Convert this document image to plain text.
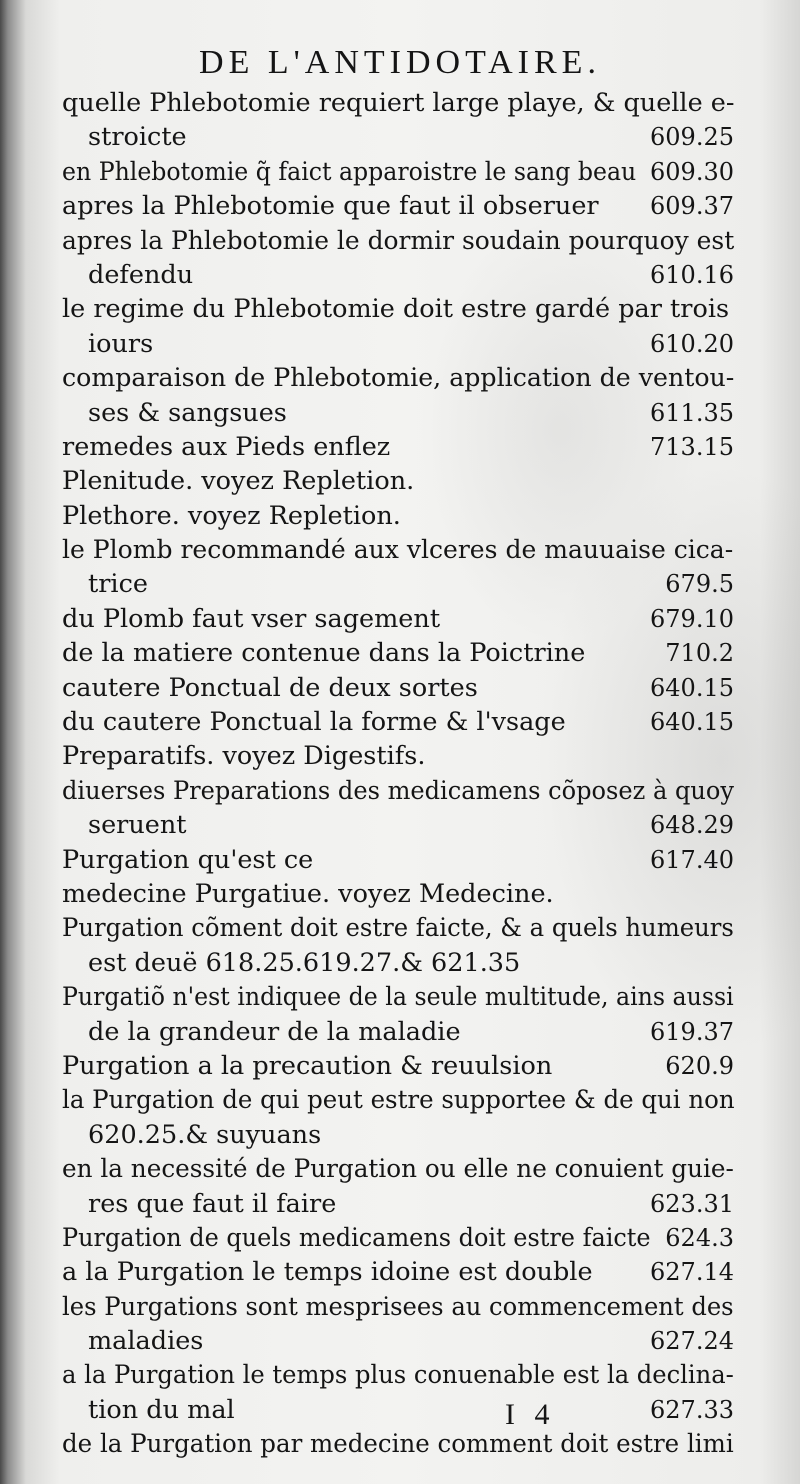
DE L'ANTIDOTAIRE.
quelle Phlebotomie requiert large playe, & quelle e-
stroicte	609.25
en Phlebotomie q̃ faict apparoistre le sang beau 609.30
apres la Phlebotomie que faut il obseruer 609.37
apres la Phlebotomie le dormir soudain pourquoy est
defendu	610.16
le regime du Phlebotomie doit estre gardé par trois
iours	610.20
comparaison de Phlebotomie, application de ventou-
ses & sangsues	611.35
remedes aux Pieds enflez	713.15
Plenitude. voyez Repletion.
Plethore. voyez Repletion.
le Plomb recommandé aux vlceres de mauuaise cica-
trice	679.5
du Plomb faut vser sagement	679.10
de la matiere contenue dans la Poictrine	710.2
cautere Ponctual de deux sortes	640.15
du cautere Ponctual la forme & l'vsage	640.15
Preparatifs. voyez Digestifs.
diuerses Preparations des medicamens cõposez à quoy
seruent	648.29
Purgation qu'est ce	617.40
medecine Purgatiue. voyez Medecine.
Purgation cõment doit estre faicte, & a quels humeurs
est deuë 618.25.619.27.& 621.35
Purgatiõ n'est indiquee de la seule multitude, ains aussi
de la grandeur de la maladie	619.37
Purgation a la precaution & reuulsion	620.9
la Purgation de qui peut estre supportee & de qui non
620.25.& suyuans
en la necessité de Purgation ou elle ne conuient guie-
res que faut il faire	623.31
Purgation de quels medicamens doit estre faicte 624.3
a la Purgation le temps idoine est double 627.14
les Purgations sont mesprisees au commencement des
maladies	627.24
a la Purgation le temps plus conuenable est la declina-
tion du mal	627.33
de la Purgation par medecine comment doit estre limi
I 4
